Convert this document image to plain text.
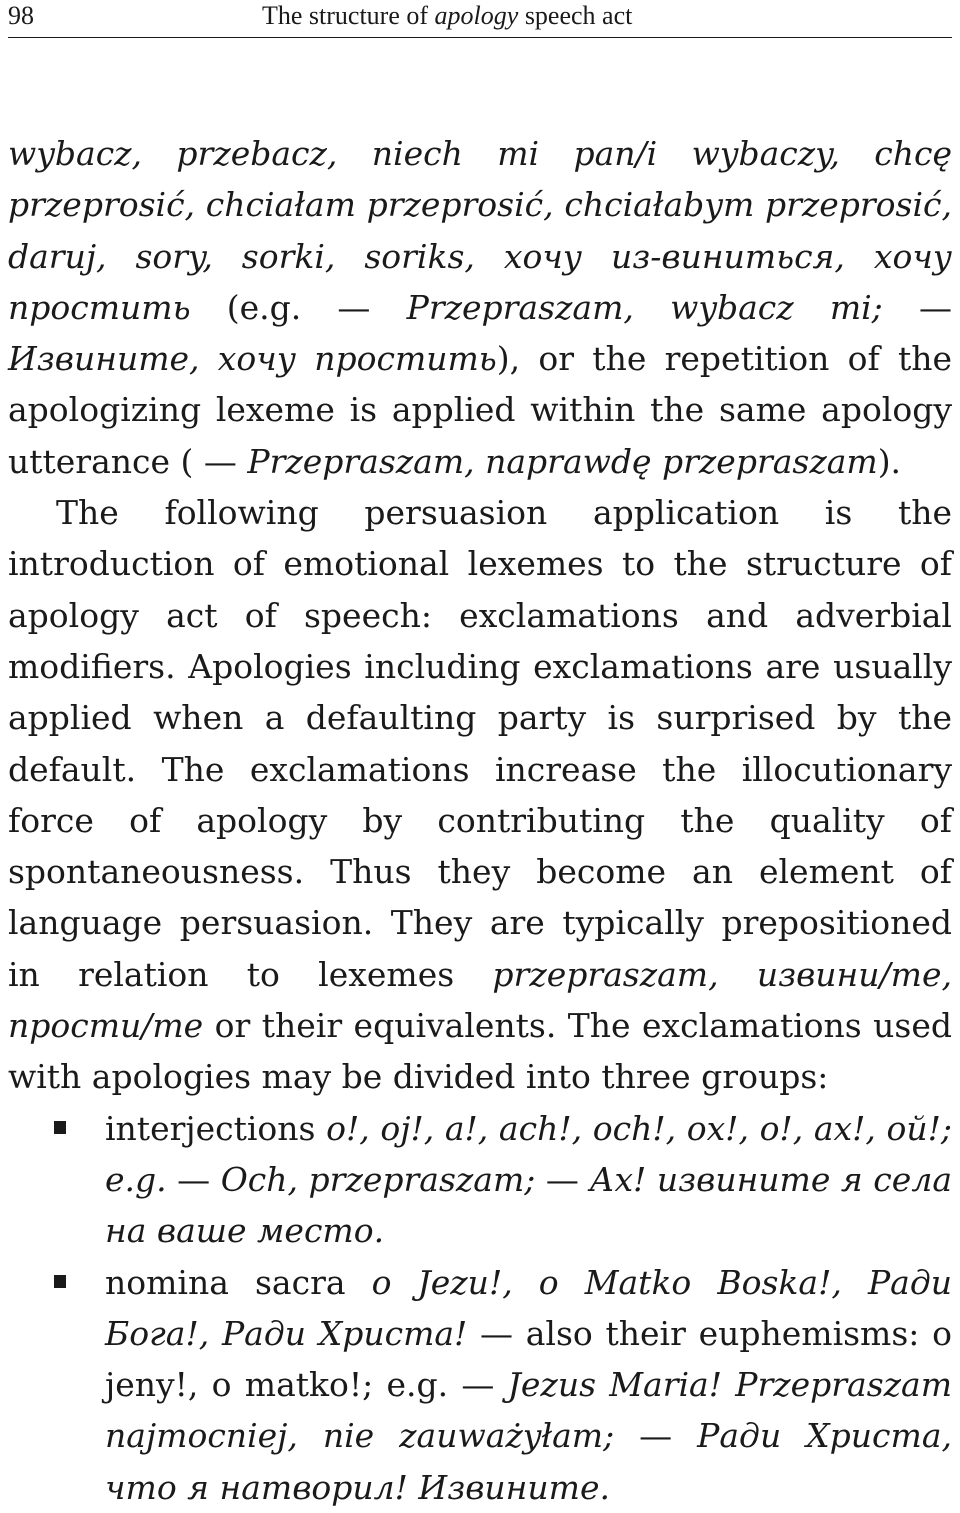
98	The structure of apology speech act

wybacz, przebacz, niech mi pan/i wybaczy, chcę przeprosić, chciałam przeprosić, chciałabym przeprosić, daruj, sory, sorki, soriks, хочу из-виниться, хочу простить (e.g. — Przepraszam, wybacz mi; — Извините, хочу простить), or the repetition of the apologizing lexeme is applied within the same apology utterance ( — Przepraszam, naprawdę przepraszam).

The following persuasion application is the introduction of emotional lexemes to the structure of apology act of speech: exclamations and adverbial modifiers. Apologies including exclamations are usually applied when a defaulting party is surprised by the default. The exclamations increase the illocutionary force of apology by contributing the quality of spontaneousness. Thus they become an element of language persuasion. They are typically prepositioned in relation to lexemes przepraszam, извини/те, прости/те or their equivalents. The exclamations used with apologies may be divided into three groups:

interjections o!, oj!, a!, ach!, och!, ох!, о!, ах!, ой!; e.g. — Och, przepraszam; — Ах! извините я села на ваше место.
nomina sacra o Jezu!, o Matko Boska!, Ради Бога!, Ради Христа! — also their euphemisms: o jeny!, o matko!; e.g. — Jezus Maria! Przepraszam najmocniej, nie zauważyłam; — Ради Христа, что я натворил! Извините.
